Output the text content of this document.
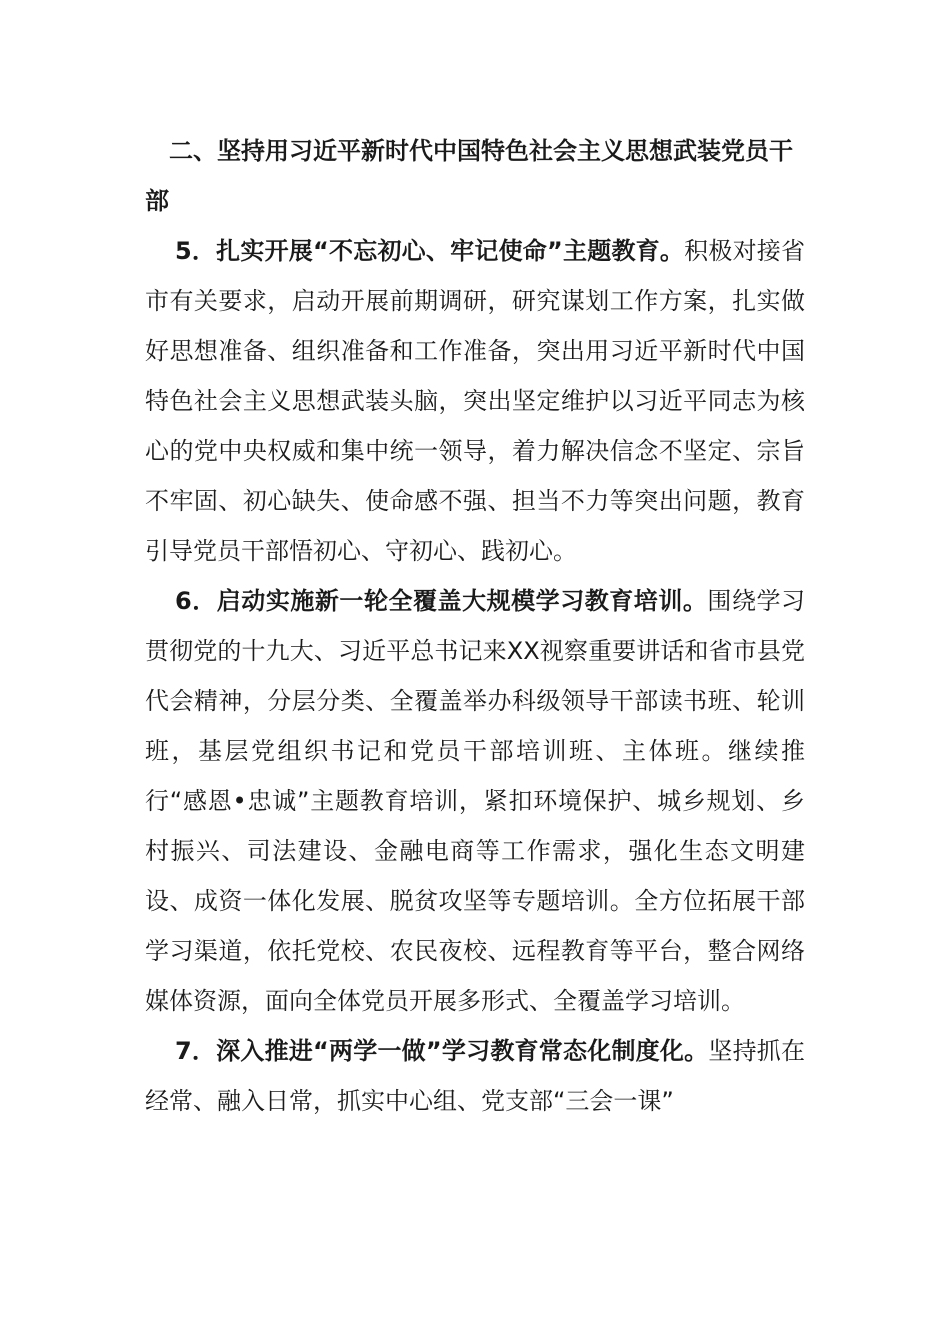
二、坚持用习近平新时代中国特色社会主义思想武装党员干部

5．扎实开展“不忘初心、牢记使命”主题教育。积极对接省市有关要求，启动开展前期调研，研究谋划工作方案，扎实做好思想准备、组织准备和工作准备，突出用习近平新时代中国特色社会主义思想武装头脑，突出坚定维护以习近平同志为核心的党中央权威和集中统一领导，着力解决信念不坚定、宗旨不牢固、初心缺失、使命感不强、担当不力等突出问题，教育引导党员干部悟初心、守初心、践初心。

6．启动实施新一轮全覆盖大规模学习教育培训。围绕学习贯彻党的十九大、习近平总书记来XX视察重要讲话和省市县党代会精神，分层分类、全覆盖举办科级领导干部读书班、轮训班，基层党组织书记和党员干部培训班、主体班。继续推行“感恩•忠诚”主题教育培训，紧扣环境保护、城乡规划、乡村振兴、司法建设、金融电商等工作需求，强化生态文明建设、成资一体化发展、脱贫攻坚等专题培训。全方位拓展干部学习渠道，依托党校、农民夜校、远程教育等平台，整合网络媒体资源，面向全体党员开展多形式、全覆盖学习培训。

7．深入推进“两学一做”学习教育常态化制度化。坚持抓在经常、融入日常，抓实中心组、党支部“三会一课”
